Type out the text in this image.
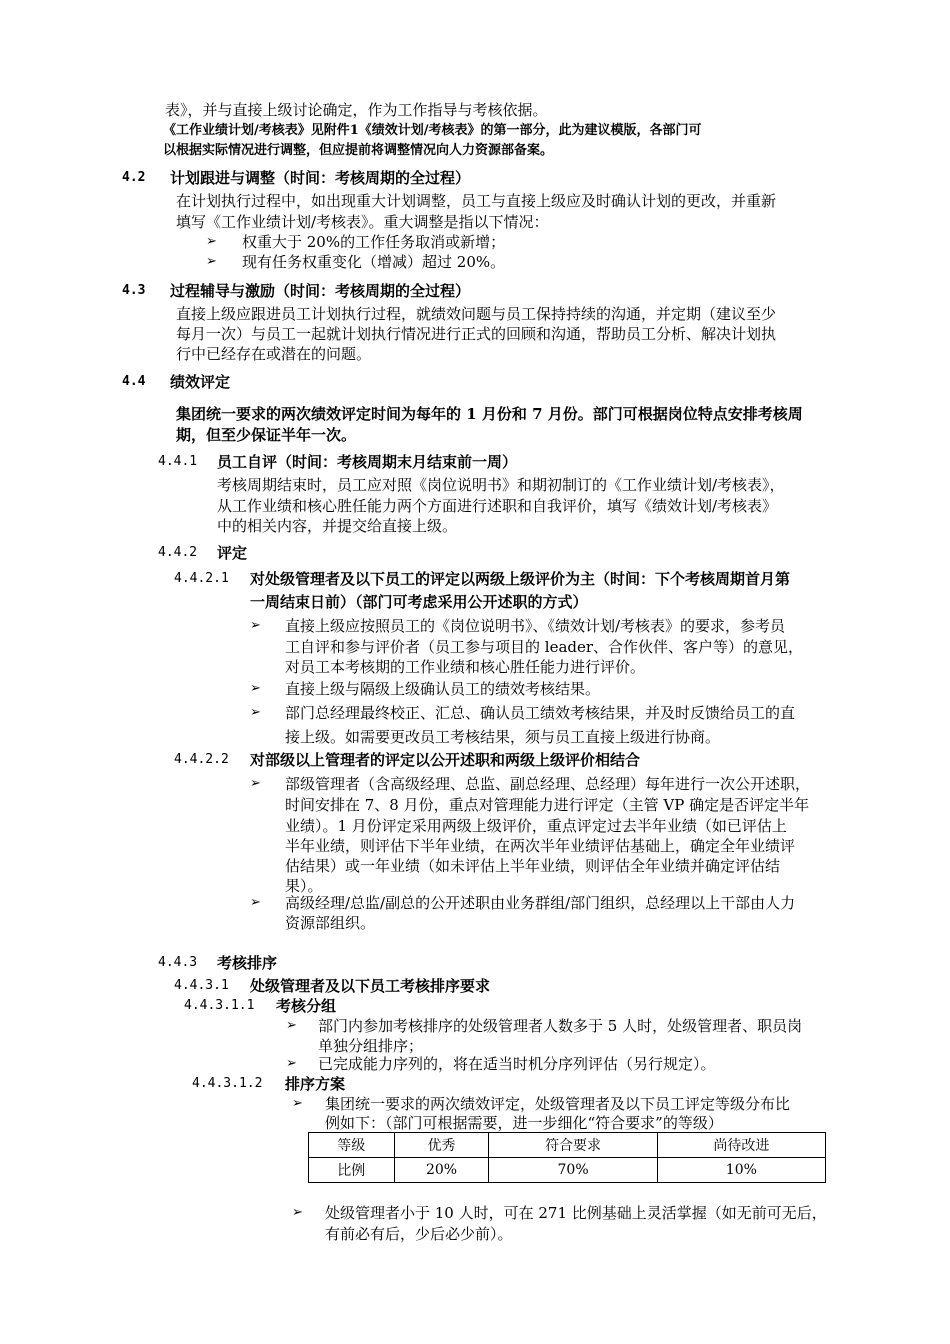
表》，并与直接上级讨论确定，作为工作指导与考核依据。
《工作业绩计划/考核表》见附件1《绩效计划/考核表》的第一部分，此为建议模版，各部门可
以根据实际情况进行调整，但应提前将调整情况向人力资源部备案。
4.2 计划跟进与调整（时间：考核周期的全过程）
在计划执行过程中，如出现重大计划调整，员工与直接上级应及时确认计划的更改，并重新
填写《工作业绩计划/考核表》。重大调整是指以下情况：
➢ 权重大于 20%的工作任务取消或新增；
➢ 现有任务权重变化（增减）超过 20%。
4.3 过程辅导与激励（时间：考核周期的全过程）
直接上级应跟进员工计划执行过程，就绩效问题与员工保持持续的沟通，并定期（建议至少
每月一次）与员工一起就计划执行情况进行正式的回顾和沟通，帮助员工分析、解决计划执
行中已经存在或潜在的问题。
4.4 绩效评定
集团统一要求的两次绩效评定时间为每年的 1 月份和 7 月份。部门可根据岗位特点安排考核周
期，但至少保证半年一次。
4.4.1 员工自评（时间：考核周期末月结束前一周）
考核周期结束时，员工应对照《岗位说明书》和期初制订的《工作业绩计划/考核表》，
从工作业绩和核心胜任能力两个方面进行述职和自我评价，填写《绩效计划/考核表》
中的相关内容，并提交给直接上级。
4.4.2 评定
4.4.2.1 对处级管理者及以下员工的评定以两级上级评价为主（时间：下个考核周期首月第
一周结束日前）（部门可考虑采用公开述职的方式）
➢ 直接上级应按照员工的《岗位说明书》、《绩效计划/考核表》的要求，参考员
工自评和参与评价者（员工参与项目的 leader、合作伙伴、客户等）的意见，
对员工本考核期的工作业绩和核心胜任能力进行评价。
➢ 直接上级与隔级上级确认员工的绩效考核结果。
➢ 部门总经理最终校正、汇总、确认员工绩效考核结果，并及时反馈给员工的直
接上级。如需要更改员工考核结果，须与员工直接上级进行协商。
4.4.2.2 对部级以上管理者的评定以公开述职和两级上级评价相结合
➢ 部级管理者（含高级经理、总监、副总经理、总经理）每年进行一次公开述职，
时间安排在 7、8 月份，重点对管理能力进行评定（主管 VP 确定是否评定半年
业绩）。1 月份评定采用两级上级评价，重点评定过去半年业绩（如已评估上
半年业绩，则评估下半年业绩，在两次半年业绩评估基础上，确定全年业绩评
估结果）或一年业绩（如未评估上半年业绩，则评估全年业绩并确定评估结
果）。
➢ 高级经理/总监/副总的公开述职由业务群组/部门组织，总经理以上干部由人力
资源部组织。
4.4.3 考核排序
4.4.3.1 处级管理者及以下员工考核排序要求
4.4.3.1.1 考核分组
➢ 部门内参加考核排序的处级管理者人数多于 5 人时，处级管理者、职员岗
单独分组排序；
➢ 已完成能力序列的，将在适当时机分序列评估（另行规定）。
4.4.3.1.2 排序方案
➢ 集团统一要求的两次绩效评定，处级管理者及以下员工评定等级分布比
例如下：（部门可根据需要，进一步细化“符合要求”的等级）
等级	优秀	符合要求	尚待改进
比例	20%	70%	10%
➢ 处级管理者小于 10 人时，可在 271 比例基础上灵活掌握（如无前可无后，
有前必有后，少后必少前）。
